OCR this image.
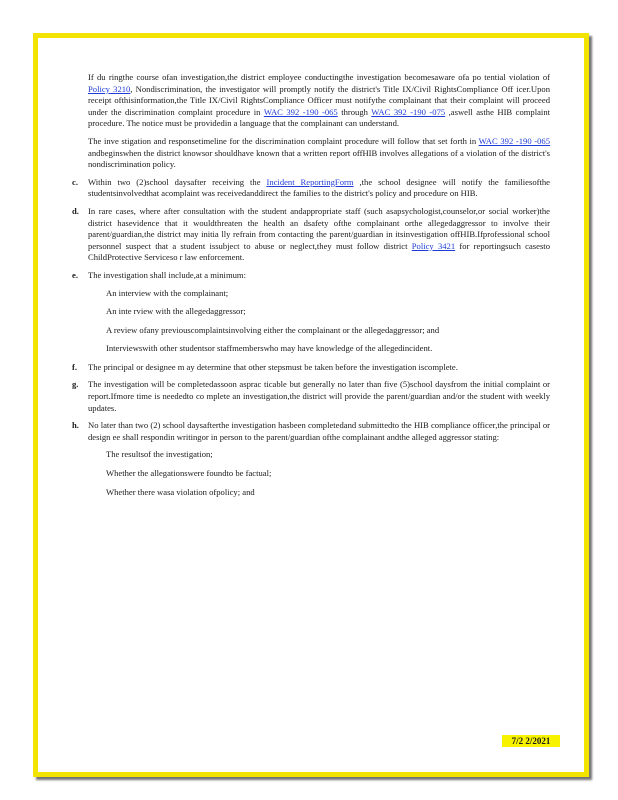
If du ringthe course ofan investigation,the district employee conductingthe investigation becomesaware ofa po tential violation of Policy 3210, Nondiscrimination, the investigator will promptly notify the district's Title IX/Civil RightsCompliance Off icer.Upon receipt ofthisinformation,the Title IX/Civil RightsCompliance Officer must notifythe complainant that their complaint will proceed under the discrimination complaint procedure in WAC 392 -190 -065 through WAC 392 -190 -075 ,aswell asthe HIB complaint procedure. The notice must be providedin a language that the complainant can understand.

The inve stigation and responsetimeline for the discrimination complaint procedure will follow that set forth in WAC 392 -190 -065 andbeginswhen the district knowsor shouldhave known that a written report offHIB involves allegations of a violation of the district's nondiscrimination policy.

c. Within two (2)school daysafter receiving the Incident ReportingForm ,the school designee will notify the familiesofthe studentsinvolvedthat acomplaint was receivedanddirect the families to the district's policy and procedure on HIB.
d. In rare cases, where after consultation with the student andappropriate staff (such asapsychologist,counselor,or social worker)the district hasevidence that it wouldthreaten the health an dsafety ofthe complainant orthe allegedaggressor to involve their parent/guardian,the district may initia lly refrain from contacting the parent/guardian in itsinvestigation offHIB.Ifprofessional school personnel suspect that a student issubject to abuse or neglect,they must follow district Policy 3421 for reportingsuch casesto ChildProtective Serviceso r law enforcement.
e. The investigation shall include,at a minimum:
An interview with the complainant;
An inte rview with the allegedaggressor;
A review ofany previouscomplaintsinvolving either the complainant or the allegedaggressor; and
Interviewswith other studentsor staffmemberswho may have knowledge of the allegedincident.
f. The principal or designee m ay determine that other stepsmust be taken before the investigation iscomplete.
g. The investigation will be completedassoon asprac ticable but generally no later than five (5)school daysfrom the initial complaint or report.Ifmore time is neededto co mplete an investigation,the district will provide the parent/guardian and/or the student with weekly updates.
h. No later than two (2) school daysafterthe investigation hasbeen completedand submittedto the HIB compliance officer,the principal or design ee shall respondin writingor in person to the parent/guardian ofthe complainant andthe alleged aggressor stating:
The resultsof the investigation;
Whether the allegationswere foundto be factual;
Whether there wasa violation ofpolicy; and
7/2 2/2021
